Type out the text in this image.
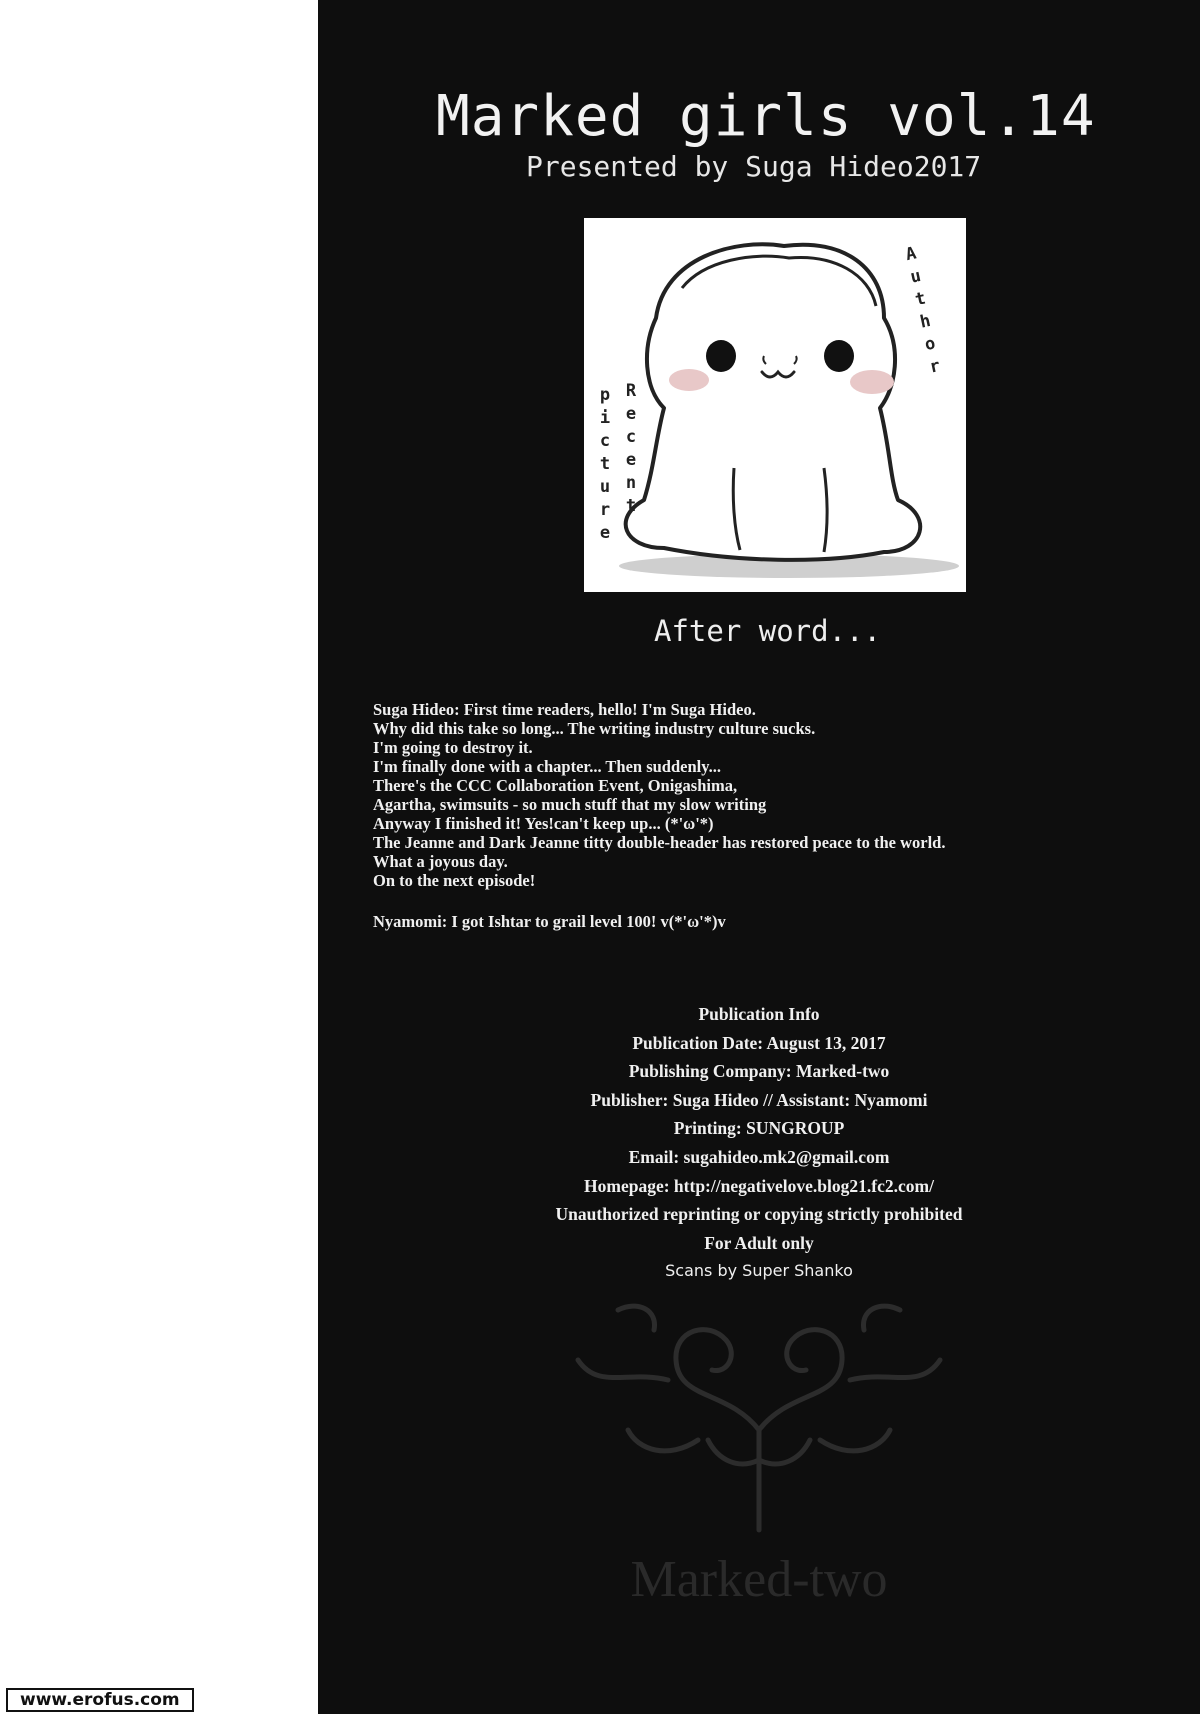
Marked girls vol.14
Presented by Suga Hideo2017
Author
Recent
picture
After word...
Suga Hideo: First time readers, hello! I'm Suga Hideo.
Why did this take so long... The writing industry culture sucks.
I'm going to destroy it.
I'm finally done with a chapter... Then suddenly...
There's the CCC Collaboration Event, Onigashima,
Agartha, swimsuits - so much stuff that my slow writing
Anyway I finished it! Yes!can't keep up... (*'ω'*)
The Jeanne and Dark Jeanne titty double-header has restored peace to the world.
What a joyous day.
On to the next episode!
Nyamomi: I got Ishtar to grail level 100! v(*'ω'*)v
Publication Info
Publication Date: August 13, 2017
Publishing Company: Marked-two
Publisher: Suga Hideo // Assistant: Nyamomi
Printing: SUNGROUP
Email: sugahideo.mk2@gmail.com
Homepage: http://negativelove.blog21.fc2.com/
Unauthorized reprinting or copying strictly prohibited
For Adult only
Scans by Super Shanko
Marked-two
www.erofus.com
